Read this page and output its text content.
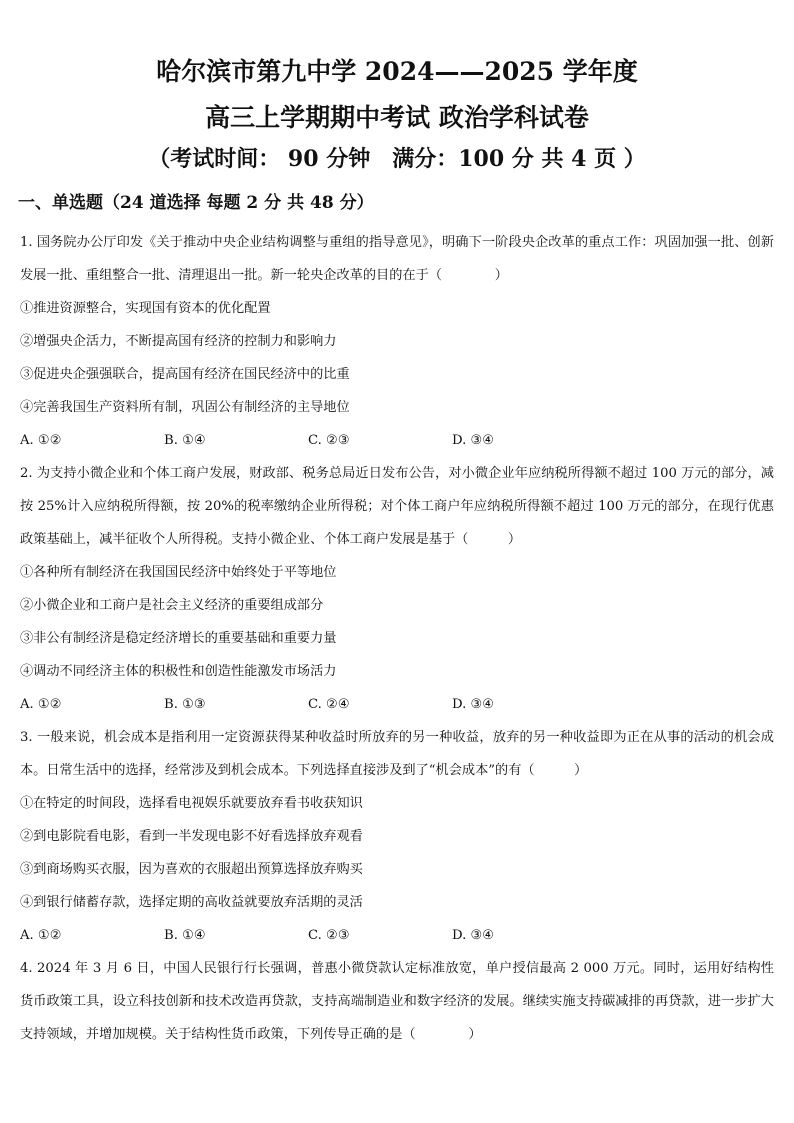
哈尔滨市第九中学 2024——2025 学年度
高三上学期期中考试 政治学科试卷
（考试时间： 90 分钟　满分：100 分 共 4 页 ）
一、单选题（24 道选择 每题 2 分 共 48 分）

1. 国务院办公厅印发《关于推动中央企业结构调整与重组的指导意见》，明确下一阶段央企改革的重点工作：巩固加强一批、创新发展一批、重组整合一批、清理退出一批。新一轮央企改革的目的在于（　　　　）

①推进资源整合，实现国有资本的优化配置

②增强央企活力，不断提高国有经济的控制力和影响力

③促进央企强强联合，提高国有经济在国民经济中的比重

④完善我国生产资料所有制，巩固公有制经济的主导地位

A. ①②	B. ①④	C. ②③	D. ③④

2. 为支持小微企业和个体工商户发展，财政部、税务总局近日发布公告，对小微企业年应纳税所得额不超过 100 万元的部分，减按 25%计入应纳税所得额，按 20%的税率缴纳企业所得税；对个体工商户年应纳税所得额不超过 100 万元的部分，在现行优惠政策基础上，减半征收个人所得税。支持小微企业、个体工商户发展是基于（　　　）

①各种所有制经济在我国国民经济中始终处于平等地位

②小微企业和工商户是社会主义经济的重要组成部分

③非公有制经济是稳定经济增长的重要基础和重要力量

④调动不同经济主体的积极性和创造性能激发市场活力

A. ①②	B. ①③	C. ②④	D. ③④

3. 一般来说，机会成本是指利用一定资源获得某种收益时所放弃的另一种收益，放弃的另一种收益即为正在从事的活动的机会成本。日常生活中的选择，经常涉及到机会成本。下列选择直接涉及到了“机会成本”的有（　　　）

①在特定的时间段，选择看电视娱乐就要放弃看书收获知识

②到电影院看电影，看到一半发现电影不好看选择放弃观看

③到商场购买衣服，因为喜欢的衣服超出预算选择放弃购买

④到银行储蓄存款，选择定期的高收益就要放弃活期的灵活

A. ①②	B. ①④	C. ②③	D. ③④

4. 2024 年 3 月 6 日，中国人民银行行长强调，普惠小微贷款认定标准放宽，单户授信最高 2 000 万元。同时，运用好结构性货币政策工具，设立科技创新和技术改造再贷款，支持高端制造业和数字经济的发展。继续实施支持碳减排的再贷款，进一步扩大支持领域，并增加规模。关于结构性货币政策，下列传导正确的是（　　　　）
